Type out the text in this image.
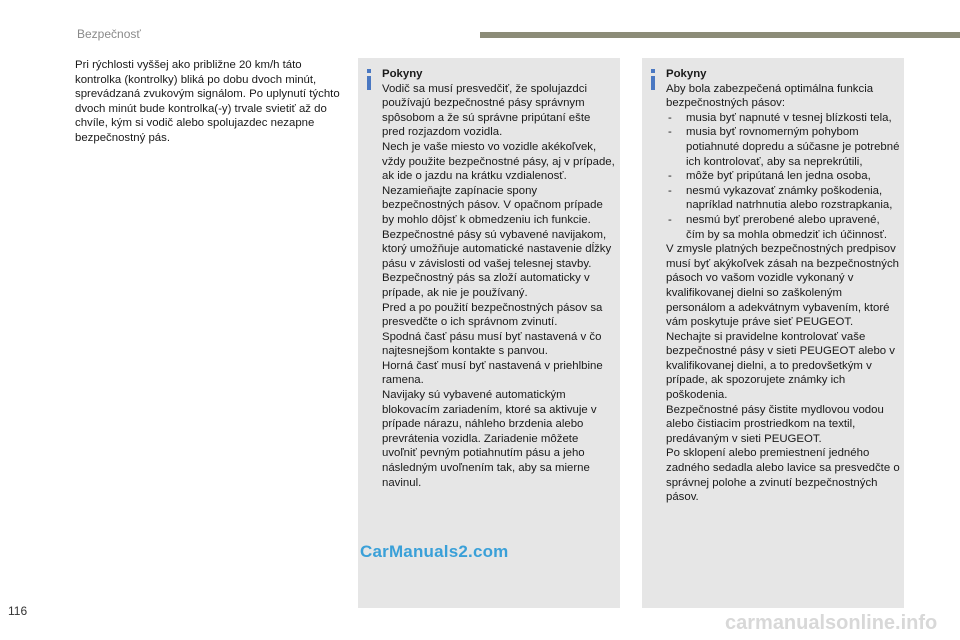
Bezpečnosť
Pri rýchlosti vyššej ako približne 20 km/h táto kontrolka (kontrolky) bliká po dobu dvoch minút, sprevádzaná zvukovým signálom. Po uplynutí týchto dvoch minút bude kontrolka(-y) trvale svietiť až do chvíle, kým si vodič alebo spolujazdec nezapne bezpečnostný pás.
Pokyny
Vodič sa musí presvedčiť, že spolujazdci používajú bezpečnostné pásy správnym spôsobom a že sú správne pripútaní ešte pred rozjazdom vozidla.
Nech je vaše miesto vo vozidle akékoľvek, vždy použite bezpečnostné pásy, aj v prípade, ak ide o jazdu na krátku vzdialenosť.
Nezamieňajte zapínacie spony bezpečnostných pásov. V opačnom prípade by mohlo dôjsť k obmedzeniu ich funkcie.
Bezpečnostné pásy sú vybavené navijakom, ktorý umožňuje automatické nastavenie dĺžky pásu v závislosti od vašej telesnej stavby. Bezpečnostný pás sa zloží automaticky v prípade, ak nie je používaný.
Pred a po použití bezpečnostných pásov sa presvedčte o ich správnom zvinutí.
Spodná časť pásu musí byť nastavená v čo najtesnejšom kontakte s panvou.
Horná časť musí byť nastavená v priehlbine ramena.
Navijaky sú vybavené automatickým blokovacím zariadením, ktoré sa aktivuje v prípade nárazu, náhleho brzdenia alebo prevrátenia vozidla. Zariadenie môžete uvoľniť pevným potiahnutím pásu a jeho následným uvoľnením tak, aby sa mierne navinul.
Pokyny
Aby bola zabezpečená optimálna funkcia bezpečnostných pásov:
- musia byť napnuté v tesnej blízkosti tela,
- musia byť rovnomerným pohybom potiahnuté dopredu a súčasne je potrebné ich kontrolovať, aby sa neprekrútili,
- môže byť pripútaná len jedna osoba,
- nesmú vykazovať známky poškodenia, napríklad natrhnutia alebo rozstrapkania,
- nesmú byť prerobené alebo upravené, čím by sa mohla obmedziť ich účinnosť.
V zmysle platných bezpečnostných predpisov musí byť akýkoľvek zásah na bezpečnostných pásoch vo vašom vozidle vykonaný v kvalifikovanej dielni so zaškoleným personálom a adekvátnym vybavením, ktoré vám poskytuje práve sieť PEUGEOT.
Nechajte si pravidelne kontrolovať vaše bezpečnostné pásy v sieti PEUGEOT alebo v kvalifikovanej dielni, a to predovšetkým v prípade, ak spozorujete známky ich poškodenia.
Bezpečnostné pásy čistite mydlovou vodou alebo čistiacim prostriedkom na textil, predávaným v sieti PEUGEOT.
Po sklopení alebo premiestnení jedného zadného sedadla alebo lavice sa presvedčte o správnej polohe a zvinutí bezpečnostných pásov.
CarManuals2.com
116
carmanualsonline.info
